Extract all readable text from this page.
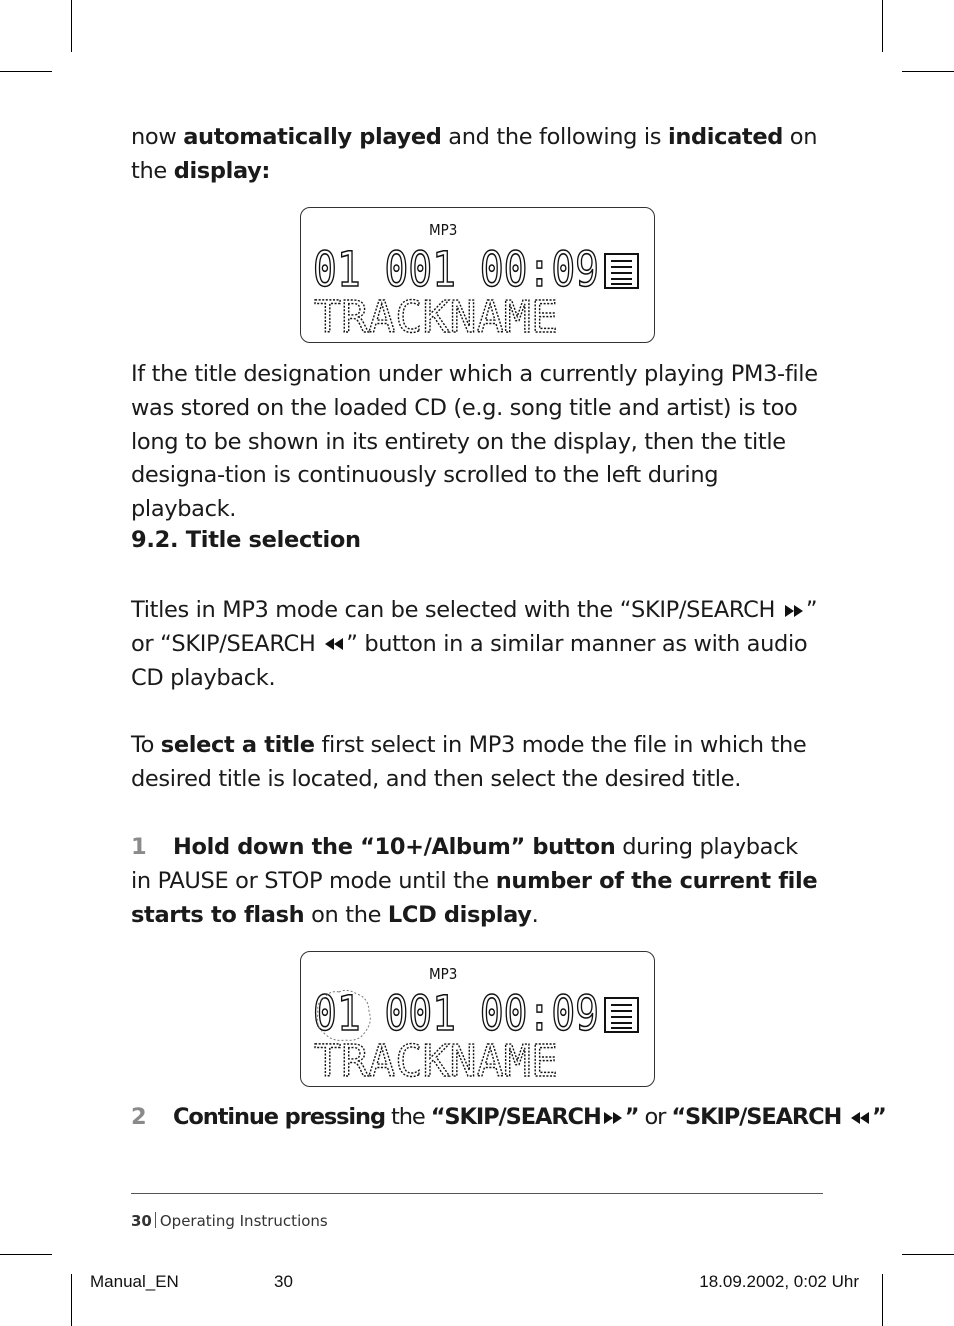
now automatically played and the following is indicated on the display:

MP3
01 001 00:09
TRACKNAME

If the title designation under which a currently playing PM3-file was stored on the loaded CD (e.g. song title and artist) is too long to be shown in its entirety on the display, then the title designa-tion is continuously scrolled to the left during playback.

9.2. Title selection

Titles in MP3 mode can be selected with the “SKIP/SEARCH ” or “SKIP/SEARCH ” button in a similar manner as with audio CD playback.

To select a title first select in MP3 mode the file in which the desired title is located, and then select the desired title.

1 Hold down the “10+/Album” button during playback in PAUSE or STOP mode until the number of the current file starts to flash on the LCD display.

MP3
01 001 00:09
TRACKNAME

2 Continue pressing the “SKIP/SEARCH ” or “SKIP/SEARCH ”

30 Operating Instructions
Manual_EN	30	18.09.2002, 0:02 Uhr
